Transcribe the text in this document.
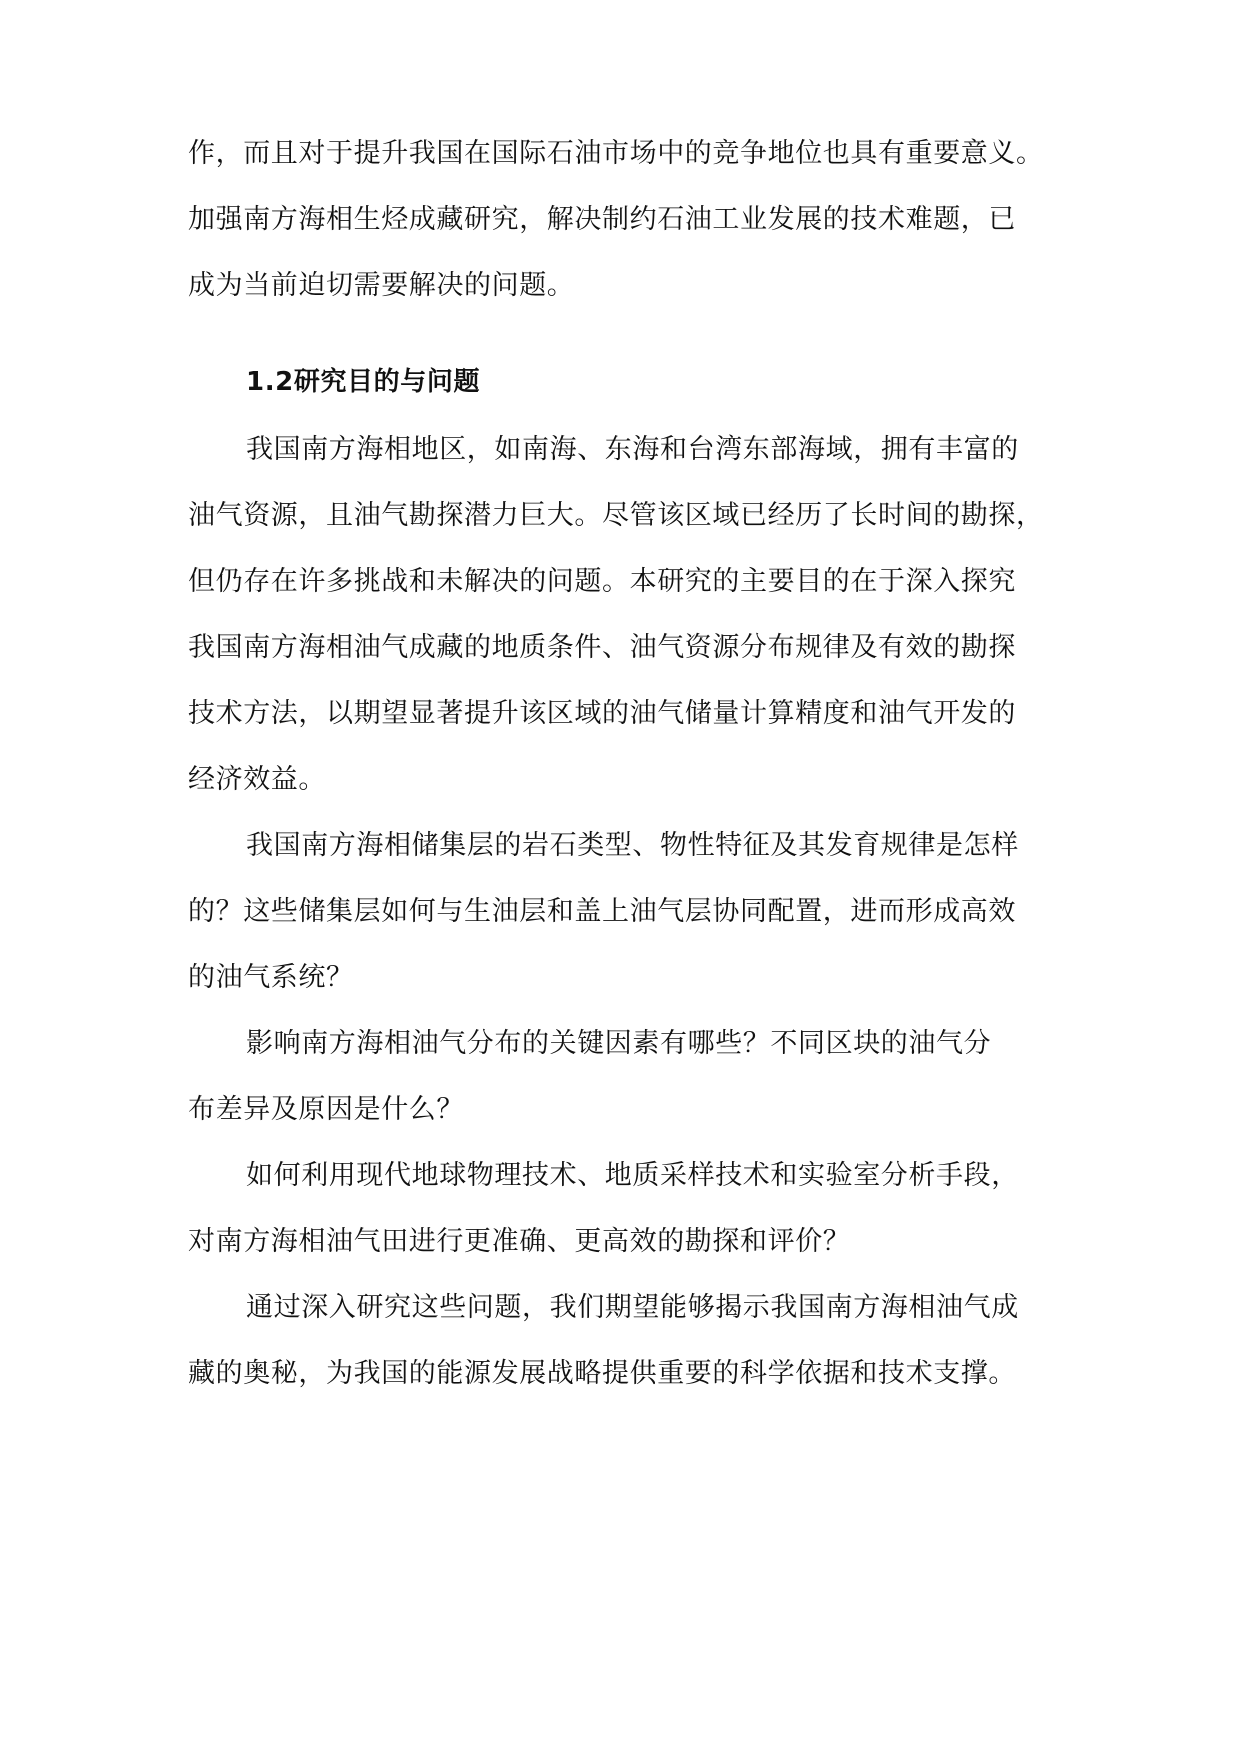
作，而且对于提升我国在国际石油市场中的竞争地位也具有重要意义。
加强南方海相生烃成藏研究，解决制约石油工业发展的技术难题，已
成为当前迫切需要解决的问题。
1.2研究目的与问题
我国南方海相地区，如南海、东海和台湾东部海域，拥有丰富的
油气资源，且油气勘探潜力巨大。尽管该区域已经历了长时间的勘探，
但仍存在许多挑战和未解决的问题。本研究的主要目的在于深入探究
我国南方海相油气成藏的地质条件、油气资源分布规律及有效的勘探
技术方法，以期望显著提升该区域的油气储量计算精度和油气开发的
经济效益。
我国南方海相储集层的岩石类型、物性特征及其发育规律是怎样
的？这些储集层如何与生油层和盖上油气层协同配置，进而形成高效
的油气系统？
影响南方海相油气分布的关键因素有哪些？不同区块的油气分
布差异及原因是什么？
如何利用现代地球物理技术、地质采样技术和实验室分析手段，
对南方海相油气田进行更准确、更高效的勘探和评价？
通过深入研究这些问题，我们期望能够揭示我国南方海相油气成
藏的奥秘，为我国的能源发展战略提供重要的科学依据和技术支撑。
